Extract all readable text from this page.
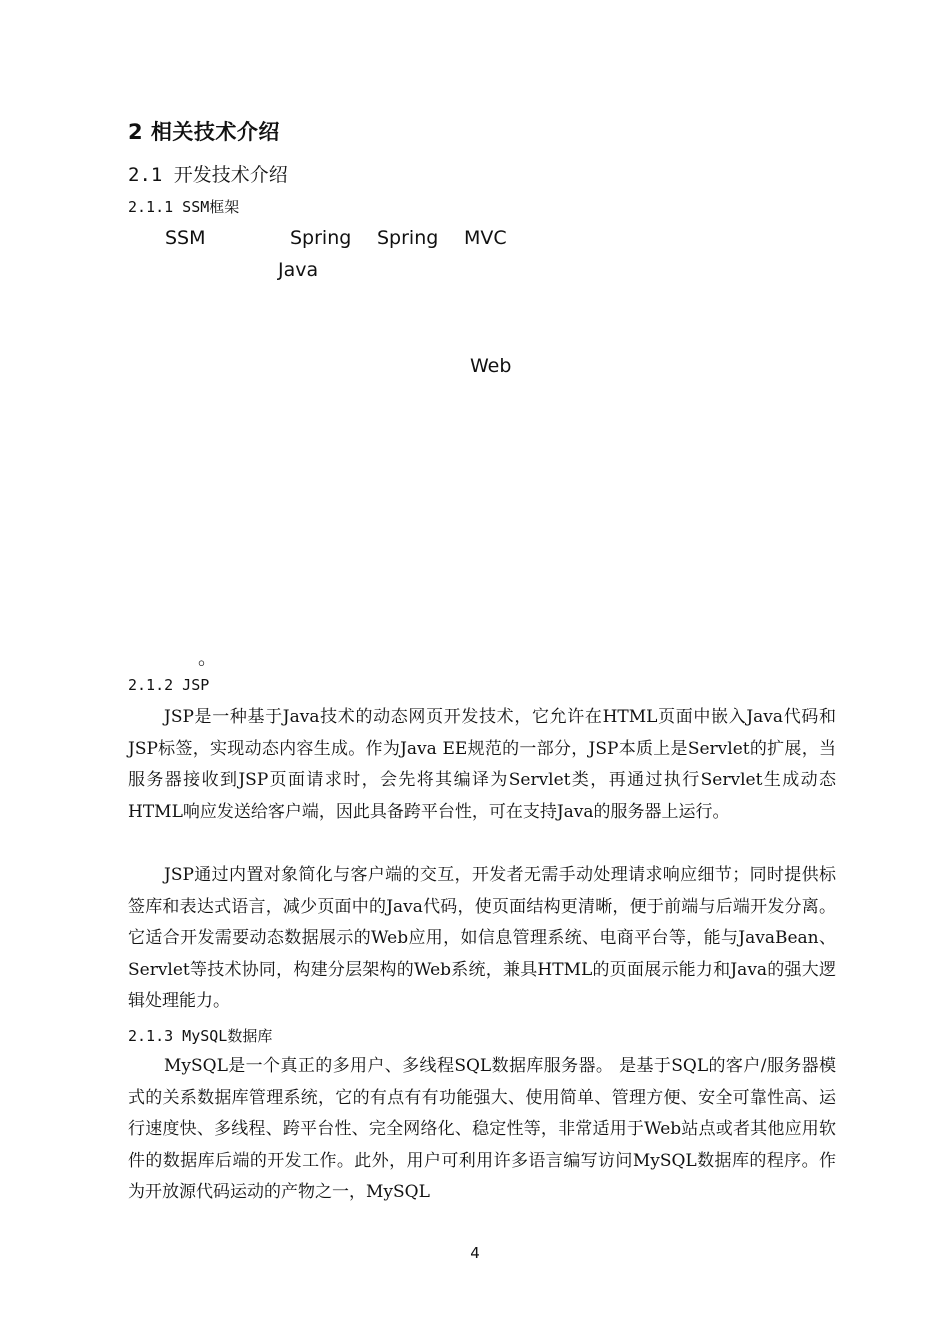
2 相关技术介绍
2.1 开发技术介绍
2.1.1 SSM框架
SSM	Spring Spring MVC
Java
Web
。
2.1.2 JSP

JSP是一种基于Java技术的动态网页开发技术，它允许在HTML页面中嵌入Java代码和JSP标签，实现动态内容生成。作为Java EE规范的一部分，JSP本质上是Servlet的扩展，当服务器接收到JSP页面请求时，会先将其编译为Servlet类，再通过执行Servlet生成动态HTML响应发送给客户端，因此具备跨平台性，可在支持Java的服务器上运行。

JSP通过内置对象简化与客户端的交互，开发者无需手动处理请求响应细节；同时提供标签库和表达式语言，减少页面中的Java代码，使页面结构更清晰，便于前端与后端开发分离。它适合开发需要动态数据展示的Web应用，如信息管理系统、电商平台等，能与JavaBean、Servlet等技术协同，构建分层架构的Web系统，兼具HTML的页面展示能力和Java的强大逻辑处理能力。

2.1.3 MySQL数据库

MySQL是一个真正的多用户、多线程SQL数据库服务器。 是基于SQL的客户/服务器模式的关系数据库管理系统，它的有点有有功能强大、使用简单、管理方便、安全可靠性高、运行速度快、多线程、跨平台性、完全网络化、稳定性等，非常适用于Web站点或者其他应用软件的数据库后端的开发工作。此外，用户可利用许多语言编写访问MySQL数据库的程序。作为开放源代码运动的产物之一，MySQL

4
